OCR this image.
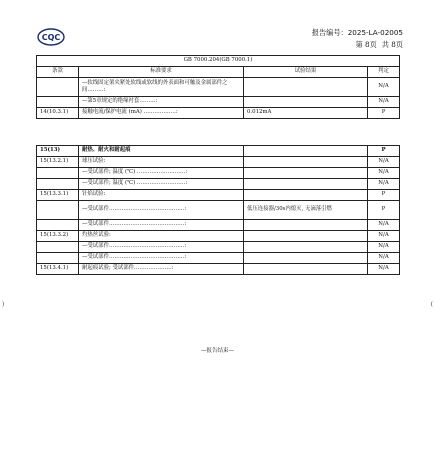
CQC
报告编号：2025-LA-02005
第 8页 共 8页
)	(
GB 7000.204(GB 7000.1)			
条款	标准要求	试验结果	判定
	—软线固定架夹紧处软线或软线的外表面和可触及金属部件之间………:		N/A
	—第5章规定的绝缘衬套………:		N/A
14(10.3.1)	接触电流/保护电流 (mA) ………………:	0.012mA	P
15(13)	耐热、耐火和耐起痕		P
15(13.2.1)	球压试验:		N/A
	—受试部件; 温度 (℃) ………………………:		N/A
	—受试部件; 温度 (℃) ………………………:		N/A
15(13.3.1)	针焰试验:		P
	—受试部件……………………………………:	低压连接器/30s内熄灭, 无滴落引燃	P
	—受试部件……………………………………:		N/A
15(13.3.2)	灼热丝试验:		N/A
	—受试部件……………………………………:		N/A
	—受试部件……………………………………:		N/A
15(13.4.1)	耐起痕试验; 受试部件…………………:		N/A
—报告结束—
